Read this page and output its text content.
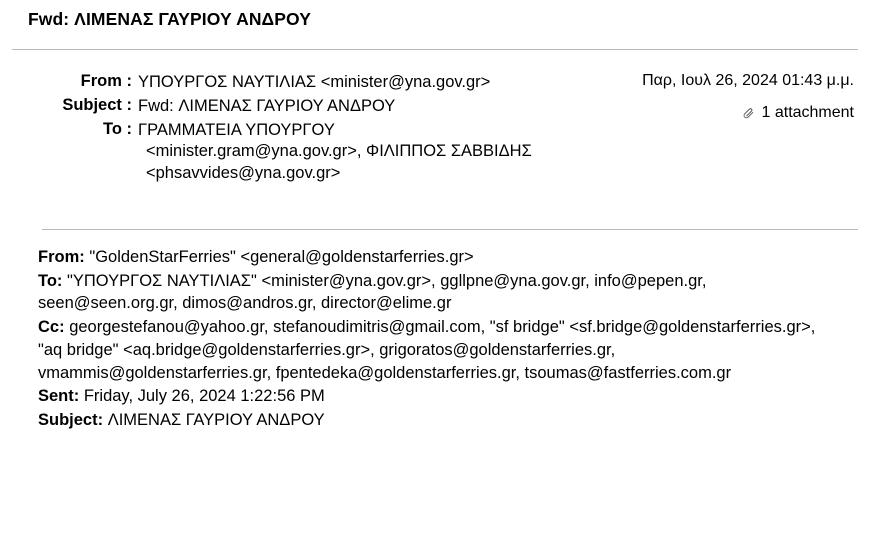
Fwd: ΛΙΜΕΝΑΣ ΓΑΥΡΙΟΥ ΑΝΔΡΟΥ
Παρ, Ιουλ 26, 2024 01:43 μ.μ.
1 attachment
From : ΥΠΟΥΡΓΟΣ ΝΑΥΤΙΛΙΑΣ <minister@yna.gov.gr>
Subject : Fwd: ΛΙΜΕΝΑΣ ΓΑΥΡΙΟΥ ΑΝΔΡΟΥ
To : ΓΡΑΜΜΑΤΕΙΑ ΥΠΟΥΡΓΟΥ
<minister.gram@yna.gov.gr>, ΦΙΛΙΠΠΟΣ ΣΑΒΒΙΔΗΣ
<phsavvides@yna.gov.gr>
From: "GoldenStarFerries" <general@goldenstarferries.gr>
To: "ΥΠΟΥΡΓΟΣ ΝΑΥΤΙΛΙΑΣ" <minister@yna.gov.gr>, ggllpne@yna.gov.gr, info@pepen.gr, seen@seen.org.gr, dimos@andros.gr, director@elime.gr
Cc: georgestefanou@yahoo.gr, stefanoudimitris@gmail.com, "sf bridge" <sf.bridge@goldenstarferries.gr>, "aq bridge" <aq.bridge@goldenstarferries.gr>, grigoratos@goldenstarferries.gr, vmammis@goldenstarferries.gr, fpentedeka@goldenstarferries.gr, tsoumas@fastferries.com.gr
Sent: Friday, July 26, 2024 1:22:56 PM
Subject: ΛΙΜΕΝΑΣ ΓΑΥΡΙΟΥ ΑΝΔΡΟΥ
